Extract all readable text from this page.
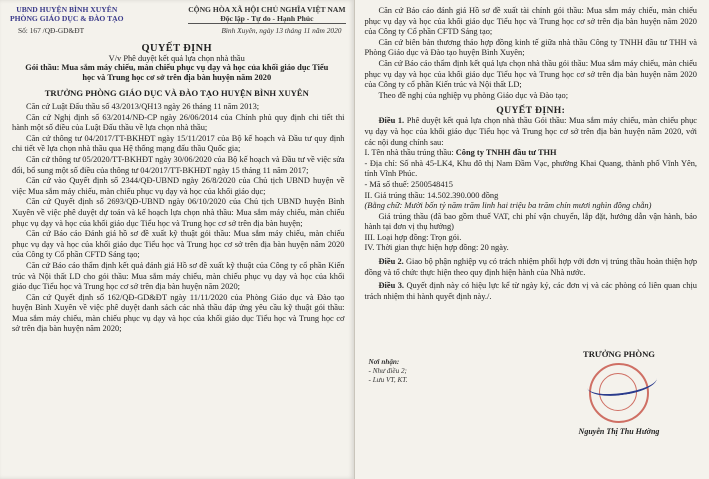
UBND HUYỆN BÌNH XUYÊN
PHÒNG GIÁO DỤC & ĐÀO TẠO
CỘNG HÒA XÃ HỘI CHỦ NGHĨA VIỆT NAM
Độc lập - Tự do - Hạnh Phúc
Số: 167 /QĐ-GD&ĐT	Bình Xuyên, ngày 13 tháng 11 năm 2020
QUYẾT ĐỊNH
V/v Phê duyệt kết quả lựa chọn nhà thầu
Gói thầu: Mua sắm máy chiếu, màn chiếu phục vụ dạy và học của khối giáo dục Tiểu học và Trung học cơ sở trên địa bàn huyện năm 2020
TRƯỞNG PHÒNG GIÁO DỤC VÀ ĐÀO TẠO HUYỆN BÌNH XUYÊN

Căn cứ Luật Đấu thầu số 43/2013/QH13 ngày 26 tháng 11 năm 2013;

Căn cứ Nghị định số 63/2014/NĐ-CP ngày 26/06/2014 của Chính phủ quy định chi tiết thi hành một số điều của Luật Đấu thầu về lựa chọn nhà thầu;

Căn cứ thông tư 04/2017/TT-BKHĐT ngày 15/11/2017 của Bộ kế hoạch và Đầu tư quy định chi tiết về lựa chọn nhà thầu qua Hệ thống mạng đấu thầu Quốc gia;

Căn cứ thông tư 05/2020/TT-BKHĐT ngày 30/06/2020 của Bộ kế hoạch và Đầu tư về việc sửa đổi, bổ sung một số điều của thông tư 04/2017/TT-BKHĐT ngày 15 tháng 11 năm 2017;

Căn cứ vào Quyết định số 2344/QĐ-UBND ngày 26/8/2020 của Chủ tịch UBND huyện về việc Mua sắm máy chiếu, màn chiếu phục vụ dạy và học của khối giáo dục;

Căn cứ Quyết định số 2693/QĐ-UBND ngày 06/10/2020 của Chủ tịch UBND huyện Bình Xuyên về việc phê duyệt dự toán và kế hoạch lựa chọn nhà thầu: Mua sắm máy chiếu, màn chiếu phục vụ dạy và học của khối giáo dục Tiểu học và Trung học cơ sở trên địa bàn huyện;

Căn cứ Báo cáo Đánh giá hồ sơ đề xuất kỹ thuật gói thầu: Mua sắm máy chiếu, màn chiếu phục vụ dạy và học của khối giáo dục Tiểu học và Trung học cơ sở trên địa bàn huyện năm 2020 của Công ty Cổ phần CFTD Sáng tạo;

Căn cứ Báo cáo thẩm định kết quả đánh giá Hồ sơ đề xuất kỹ thuật của Công ty cổ phần Kiến trúc và Nội thất LD cho gói thầu: Mua sắm máy chiếu, màn chiếu phục vụ dạy và học của khối giáo dục Tiểu học và Trung học cơ sở trên địa bàn huyện năm 2020;

Căn cứ Quyết định số 162/QĐ-GD&ĐT ngày 11/11/2020 của Phòng Giáo dục và Đào tạo huyện Bình Xuyên về việc phê duyệt danh sách các nhà thầu đáp ứng yêu cầu kỹ thuật gói thầu: Mua sắm máy chiếu, màn chiếu phục vụ dạy và học của khối giáo dục Tiểu học và Trung học cơ sở trên địa bàn huyện năm 2020;

Căn cứ Báo cáo đánh giá Hồ sơ đề xuất tài chính gói thầu: Mua sắm máy chiếu, màn chiếu phục vụ dạy và học của khối giáo dục Tiểu học và Trung học cơ sở trên địa bàn huyện năm 2020 của Công ty Cổ phần CFTD Sáng tạo;

Căn cứ biên bản thương thảo hợp đồng kinh tế giữa nhà thầu Công ty TNHH đầu tư THH và Phòng Giáo dục và Đào tạo huyện Bình Xuyên;

Căn cứ Báo cáo thẩm định kết quả lựa chọn nhà thầu gói thầu: Mua sắm máy chiếu, màn chiếu phục vụ dạy và học của khối giáo dục Tiểu học và Trung học cơ sở trên địa bàn huyện năm 2020 của Công ty cổ phần Kiến trúc và Nội thất LD;

Theo đề nghị của nghiệp vụ phòng Giáo dục và Đào tạo;

QUYẾT ĐỊNH:

Điều 1. Phê duyệt kết quả lựa chọn nhà thầu Gói thầu: Mua sắm máy chiếu, màn chiếu phục vụ dạy và học của khối giáo dục Tiểu học và Trung học cơ sở trên địa bàn huyện năm 2020, với các nội dung chính sau:

I. Tên nhà thầu trúng thầu: Công ty TNHH đầu tư THH

- Địa chỉ: Số nhà 45-LK4, Khu đô thị Nam Đầm Vạc, phường Khai Quang, thành phố Vĩnh Yên, tỉnh Vĩnh Phúc.

- Mã số thuế: 2500548415

II. Giá trúng thầu: 14.502.390.000 đồng

(Bằng chữ: Mười bốn tỷ năm trăm linh hai triệu ba trăm chín mươi nghìn đồng chẵn)

Giá trúng thầu (đã bao gồm thuế VAT, chi phí vận chuyển, lắp đặt, hướng dẫn vận hành, bảo hành tại đơn vị thụ hưởng)

III. Loại hợp đồng: Trọn gói.

IV. Thời gian thực hiện hợp đồng: 20 ngày.

Điều 2. Giao bộ phận nghiệp vụ có trách nhiệm phối hợp với đơn vị trúng thầu hoàn thiện hợp đồng và tổ chức thực hiện theo quy định hiện hành của Nhà nước.

Điều 3. Quyết định này có hiệu lực kể từ ngày ký, các đơn vị và các phòng có liên quan chịu trách nhiệm thi hành quyết định này./.

Nơi nhận:
- Như điều 2;
- Lưu VT, KT.
TRƯỞNG PHÒNG
Nguyễn Thị Thu Hường
